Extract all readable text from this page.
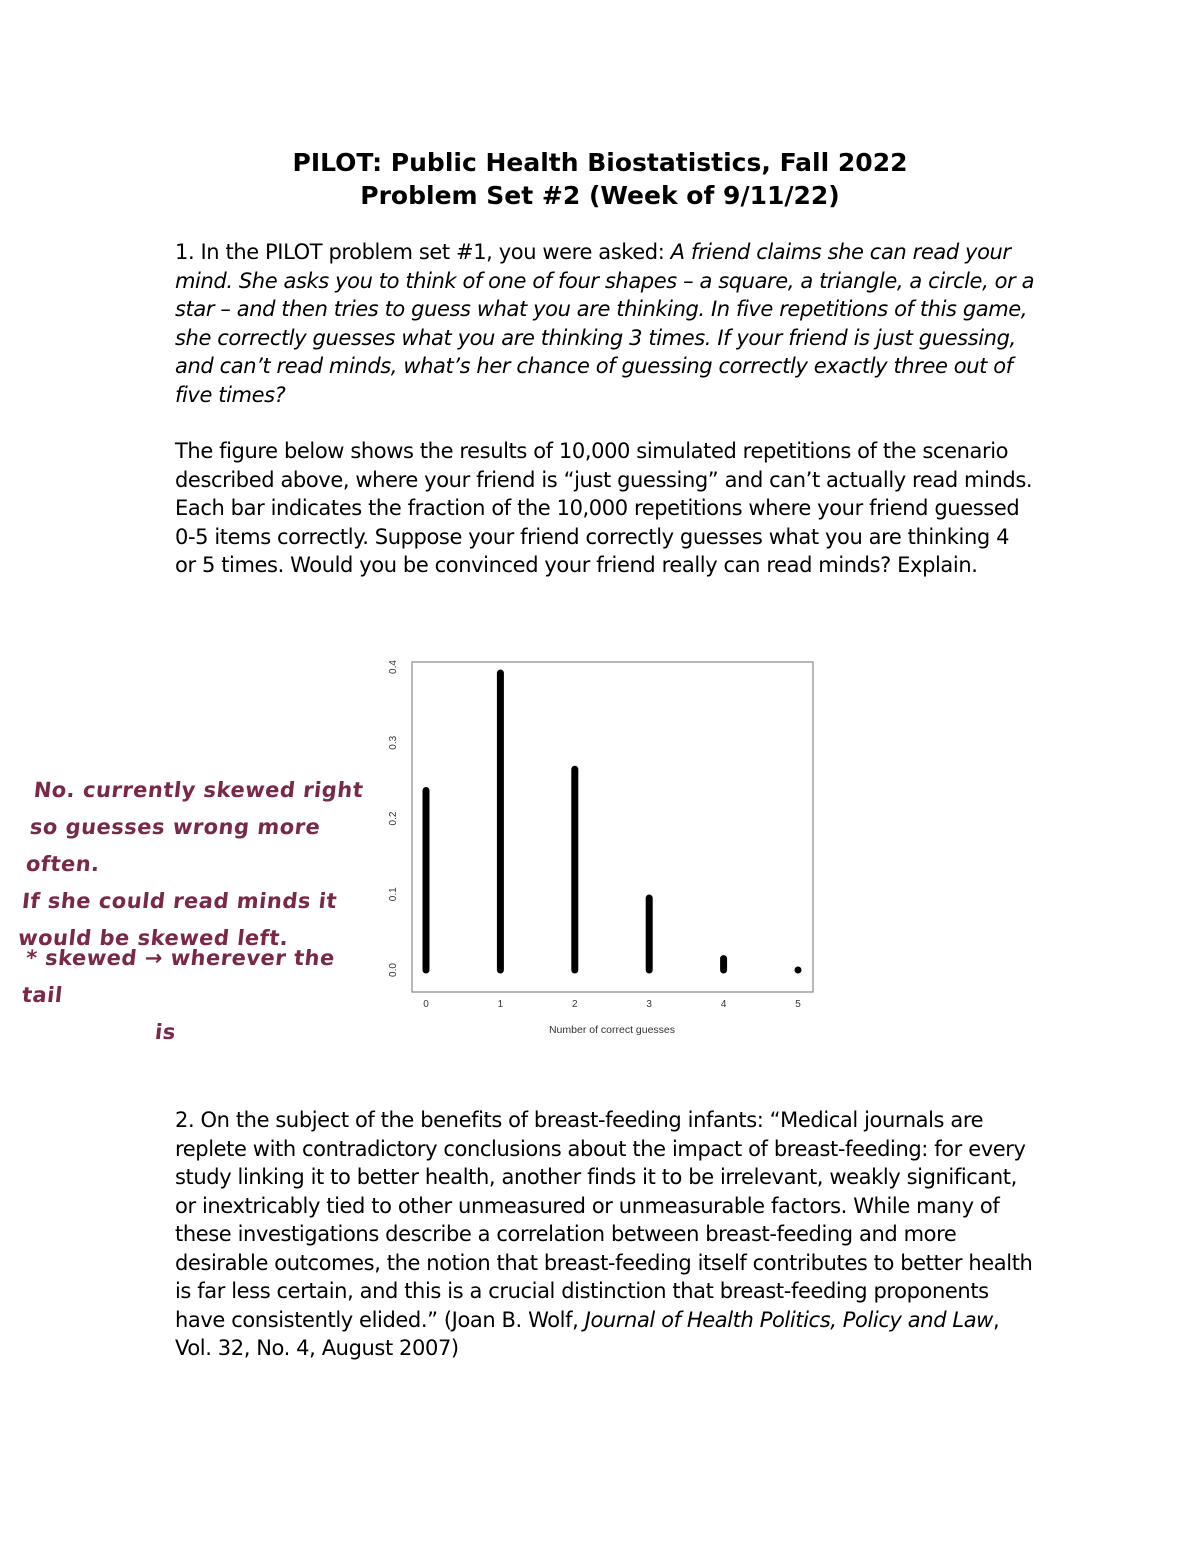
PILOT: Public Health Biostatistics, Fall 2022
Problem Set #2 (Week of 9/11/22)

1. In the PILOT problem set #1, you were asked: A friend claims she can read your mind. She asks you to think of one of four shapes – a square, a triangle, a circle, or a star – and then tries to guess what you are thinking. In five repetitions of this game, she correctly guesses what you are thinking 3 times. If your friend is just guessing, and can’t read minds, what’s her chance of guessing correctly exactly three out of five times?

The figure below shows the results of 10,000 simulated repetitions of the scenario described above, where your friend is “just guessing” and can’t actually read minds. Each bar indicates the fraction of the 10,000 repetitions where your friend guessed 0-5 items correctly. Suppose your friend correctly guesses what you are thinking 4 or 5 times. Would you be convinced your friend really can read minds? Explain.

No. currently skewed right
so guesses wrong more often.
If she could read minds it
would be skewed left.
* skewed → wherever the tail
is
0.0
0.1
0.2
0.3
0.4
0	1	2	3	4	5
Number of correct guesses

2. On the subject of the benefits of breast-feeding infants: “Medical journals are replete with contradictory conclusions about the impact of breast-feeding: for every study linking it to better health, another finds it to be irrelevant, weakly significant, or inextricably tied to other unmeasured or unmeasurable factors. While many of these investigations describe a correlation between breast-feeding and more desirable outcomes, the notion that breast-feeding itself contributes to better health is far less certain, and this is a crucial distinction that breast-feeding proponents have consistently elided.” (Joan B. Wolf, Journal of Health Politics, Policy and Law, Vol. 32, No. 4, August 2007)
